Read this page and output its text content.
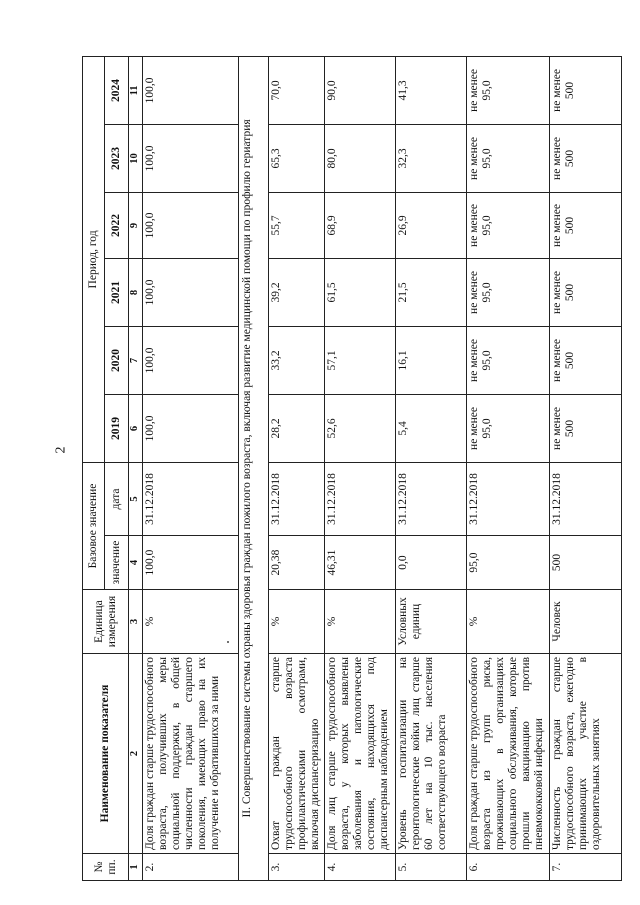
2
№ пп.	Наименование показателя	Единица измерения	Базовое значение		Период, год					
			значение	дата	2019	2020	2021	2022	2023	2024

1	2	3	4	5	6	7	8	9	10	11
2.	Доля граждан старше трудоспособного возраста, получивших меры социальной поддержки, в общей численности граждан старшего поколения, имеющих право на их получение и обратившихся за ними	%	100,0	31.12.2018	100,0	100,0	100,0	100,0	100,0	100,0
II. Совершенствование системы охраны здоровья граждан пожилого возраста, включая развитие медицинской помощи по профилю гериатрия										
3.	Охват граждан старше трудоспособного возраста профилактическими осмотрами, включая диспансеризацию	%	20,38	31.12.2018	28,2	33,2	39,2	55,7	65,3	70,0
4.	Доля лиц старше трудоспособного возраста, у которых выявлены заболевания и патологические состояния, находящихся под диспансерным наблюдением	%	46,31	31.12.2018	52,6	57,1	61,5	68,9	80,0	90,0
5.	Уровень госпитализации на геронтологические койки лиц старше 60 лет на 10 тыс. населения соответствующего возраста	Условных единиц	0,0	31.12.2018	5,4	16,1	21,5	26,9	32,3	41,3
6.	Доля граждан старше трудоспособного возраста из групп риска, проживающих в организациях социального обслуживания, которые прошли вакцинацию против пневмококковой инфекции	%	95,0	31.12.2018	не менее 95,0	не менее 95,0	не менее 95,0	не менее 95,0	не менее 95,0	не менее 95,0
7.	Численность граждан старше трудоспособного возраста, ежегодно принимающих участие в оздоровительных занятиях	Человек	500	31.12.2018	не менее 500	не менее 500	не менее 500	не менее 500	не менее 500	не менее 500
